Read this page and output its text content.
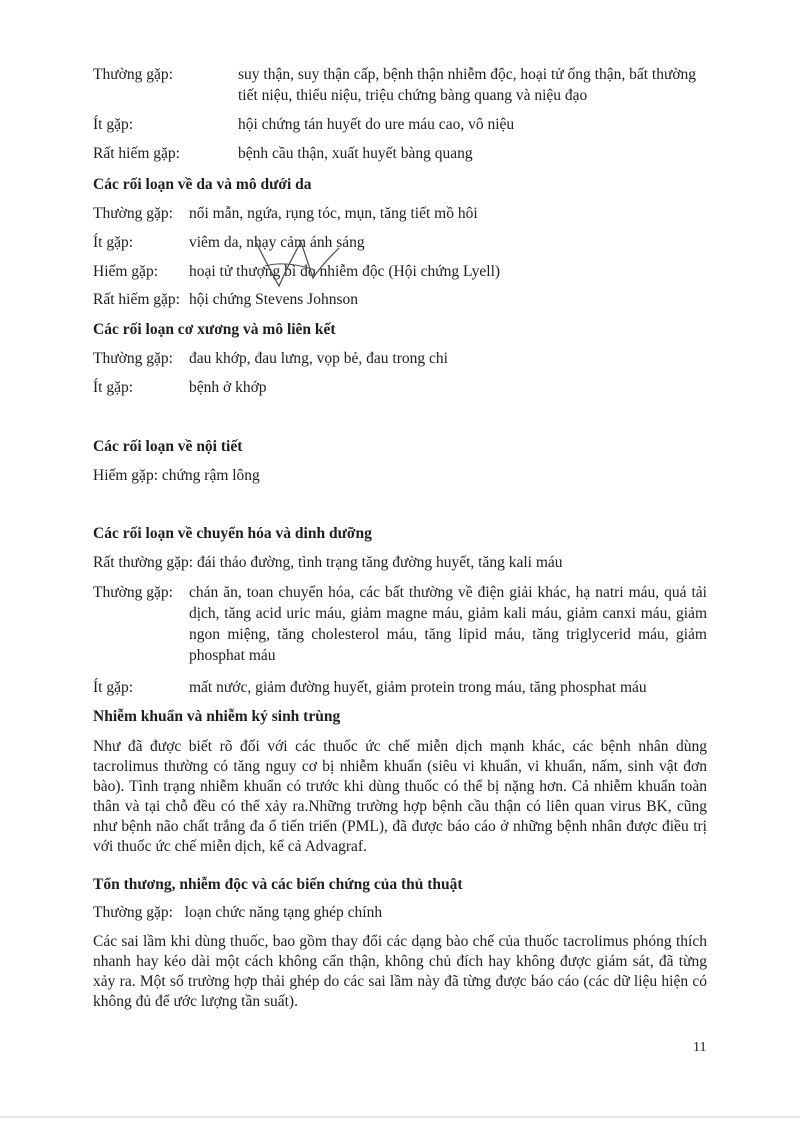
Thường gặp:	suy thận, suy thận cấp, bệnh thận nhiễm độc, hoại tử ống thận, bất thường tiết niệu, thiểu niệu, triệu chứng bàng quang và niệu đạo
Ít gặp:	hội chứng tán huyết do ure máu cao, vô niệu
Rất hiếm gặp:	bệnh cầu thận, xuất huyết bàng quang
Các rối loạn về da và mô dưới da
Thường gặp: nổi mẫn, ngứa, rụng tóc, mụn, tăng tiết mồ hôi
Ít gặp:	viêm da, nhạy cảm ánh sáng
Hiếm gặp: hoại tử thượng bì do nhiễm độc (Hội chứng Lyell)
Rất hiếm gặp: hội chứng Stevens Johnson
Các rối loạn cơ xương và mô liên kết
Thường gặp: đau khớp, đau lưng, vọp bẻ, đau trong chi
Ít gặp:	bệnh ở khớp
Các rối loạn về nội tiết
Hiếm gặp: chứng rậm lông
Các rối loạn về chuyển hóa và dinh dưỡng
Rất thường gặp: đái tháo đường, tình trạng tăng đường huyết, tăng kali máu
Thường gặp: chán ăn, toan chuyển hóa, các bất thường về điện giải khác, hạ natri máu, quá tải dịch, tăng acid uric máu, giảm magne máu, giảm kali máu, giảm canxi máu, giảm ngon miệng, tăng cholesterol máu, tăng lipid máu, tăng triglycerid máu, giảm phosphat máu
Ít gặp:	mất nước, giảm đường huyết, giảm protein trong máu, tăng phosphat máu
Nhiễm khuẩn và nhiễm ký sinh trùng
Như đã được biết rõ đối với các thuốc ức chế miễn dịch mạnh khác, các bệnh nhân dùng tacrolimus thường có tăng nguy cơ bị nhiễm khuẩn (siêu vi khuẩn, vi khuẩn, nấm, sinh vật đơn bào). Tình trạng nhiễm khuẩn có trước khi dùng thuốc có thể bị nặng hơn. Cả nhiễm khuẩn toàn thân và tại chỗ đều có thể xảy ra.Những trường hợp bệnh cầu thận có liên quan virus BK, cũng như bệnh não chất trắng đa ổ tiến triển (PML), đã được báo cáo ở những bệnh nhân được điều trị với thuốc ức chế miễn dịch, kể cả Advagraf.
Tổn thương, nhiễm độc và các biến chứng của thủ thuật
Thường gặp: loạn chức năng tạng ghép chính
Các sai lầm khi dùng thuốc, bao gồm thay đổi các dạng bào chế của thuốc tacrolimus phóng thích nhanh hay kéo dài một cách không cẩn thận, không chủ đích hay không được giám sát, đã từng xảy ra. Một số trường hợp thải ghép do các sai lầm này đã từng được báo cáo (các dữ liệu hiện có không đủ để ước lượng tần suất).
11
